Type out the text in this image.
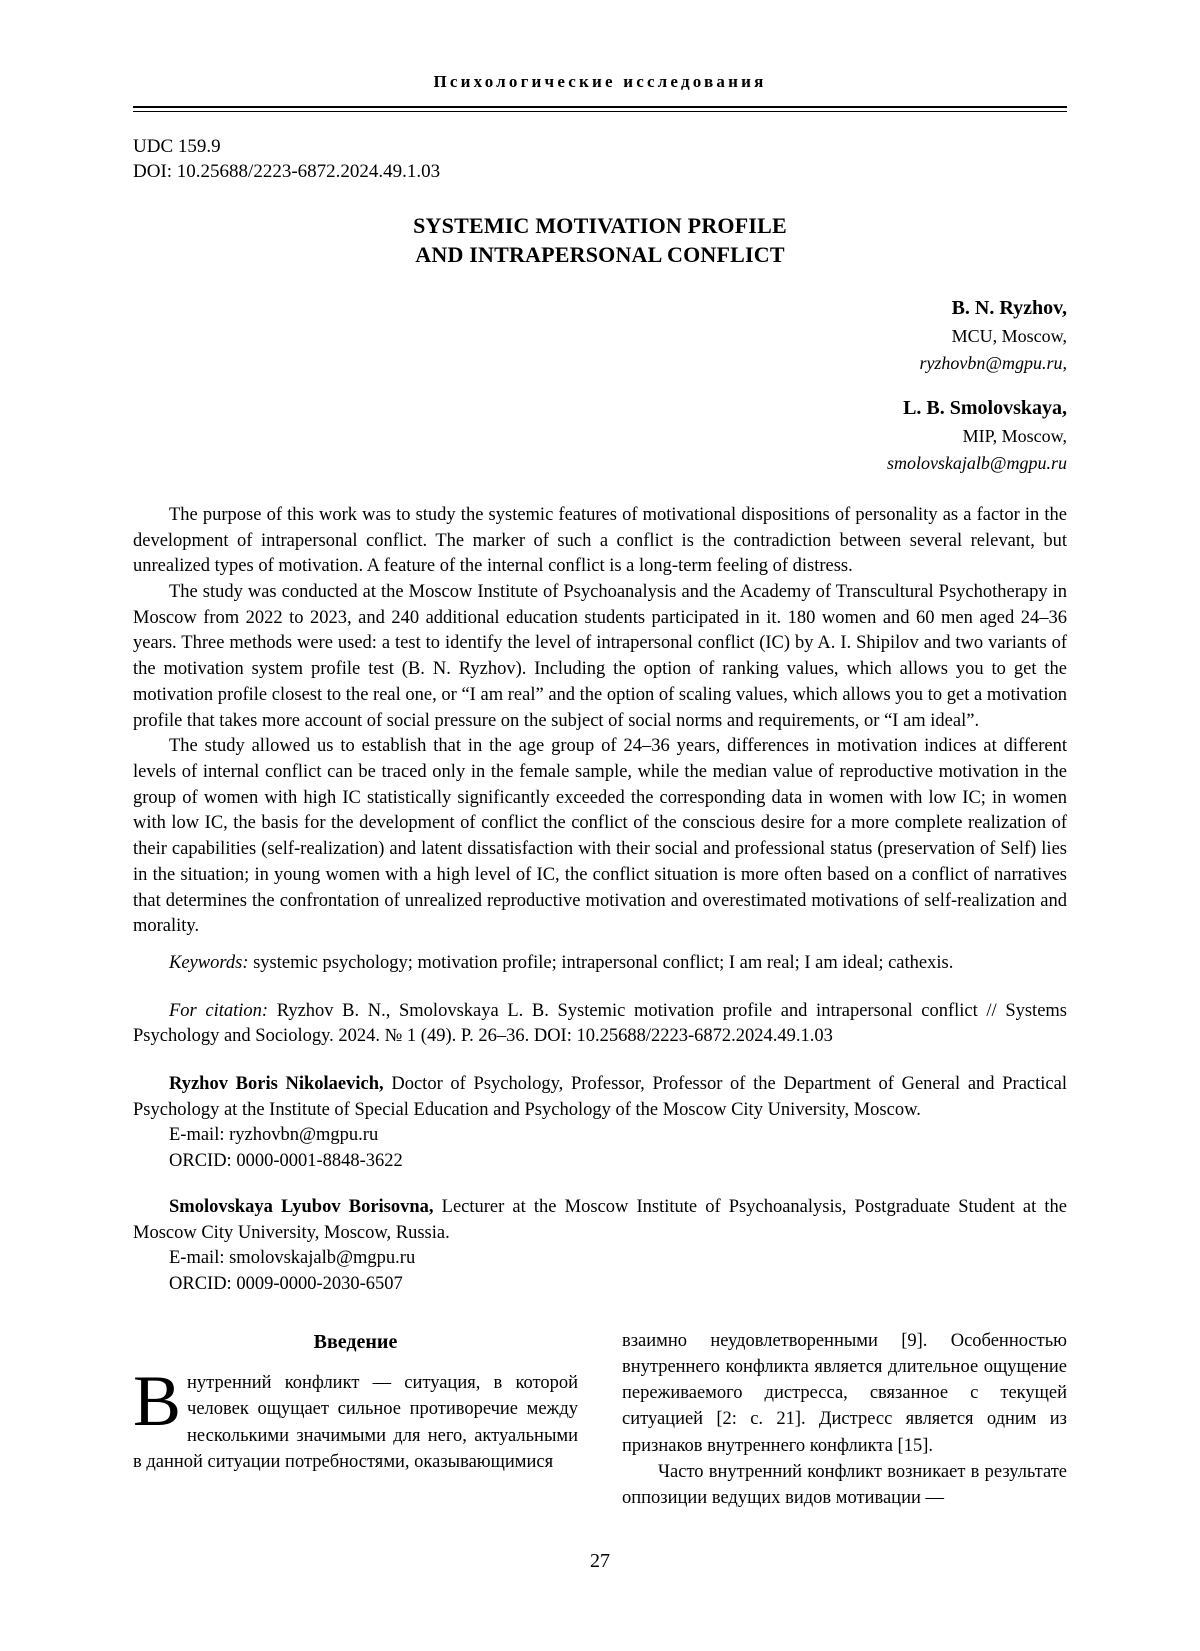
Психологические исследования
UDC 159.9
DOI: 10.25688/2223-6872.2024.49.1.03
SYSTEMIC MOTIVATION PROFILE
AND INTRAPERSONAL CONFLICT
B. N. Ryzhov,
MCU, Moscow,
ryzhovbn@mgpu.ru,
L. B. Smolovskaya,
MIP, Moscow,
smolovskajalb@mgpu.ru

The purpose of this work was to study the systemic features of motivational dispositions of personality as a factor in the development of intrapersonal conflict. The marker of such a conflict is the contradiction between several relevant, but unrealized types of motivation. A feature of the internal conflict is a long-term feeling of distress.

The study was conducted at the Moscow Institute of Psychoanalysis and the Academy of Transcultural Psychotherapy in Moscow from 2022 to 2023, and 240 additional education students participated in it. 180 women and 60 men aged 24–36 years. Three methods were used: a test to identify the level of intrapersonal conflict (IC) by A. I. Shipilov and two variants of the motivation system profile test (B. N. Ryzhov). Including the option of ranking values, which allows you to get the motivation profile closest to the real one, or “I am real” and the option of scaling values, which allows you to get a motivation profile that takes more account of social pressure on the subject of social norms and requirements, or “I am ideal”.

The study allowed us to establish that in the age group of 24–36 years, differences in motivation indices at different levels of internal conflict can be traced only in the female sample, while the median value of reproductive motivation in the group of women with high IC statistically significantly exceeded the corresponding data in women with low IC; in women with low IC, the basis for the development of conflict the conflict of the conscious desire for a more complete realization of their capabilities (self-realization) and latent dissatisfaction with their social and professional status (preservation of Self) lies in the situation; in young women with a high level of IC, the conflict situation is more often based on a conflict of narratives that determines the confrontation of unrealized reproductive motivation and overestimated motivations of self-realization and morality.

Keywords: systemic psychology; motivation profile; intrapersonal conflict; I am real; I am ideal; cathexis.
For citation: Ryzhov B. N., Smolovskaya L. B. Systemic motivation profile and intrapersonal conflict // Systems Psychology and Sociology. 2024. № 1 (49). P. 26–36. DOI: 10.25688/2223-6872.2024.49.1.03

Ryzhov Boris Nikolaevich, Doctor of Psychology, Professor, Professor of the Department of General and Practical Psychology at the Institute of Special Education and Psychology of the Moscow City University, Moscow.

E-mail: ryzhovbn@mgpu.ru

ORCID: 0000-0001-8848-3622

Smolovskaya Lyubov Borisovna, Lecturer at the Moscow Institute of Psychoanalysis, Postgraduate Student at the Moscow City University, Moscow, Russia.

E-mail: smolovskajalb@mgpu.ru

ORCID: 0009-0000-2030-6507

Введение

Внутренний конфликт — ситуация, в которой человек ощущает сильное противоречие между несколькими значимыми для него, актуальными в данной ситуации потребностями, оказывающимися

взаимно неудовлетворенными [9]. Особенностью внутреннего конфликта является длительное ощущение переживаемого дистресса, связанное с текущей ситуацией [2: с. 21]. Дистресс является одним из признаков внутреннего конфликта [15].

Часто внутренний конфликт возникает в результате оппозиции ведущих видов мотивации —

27
